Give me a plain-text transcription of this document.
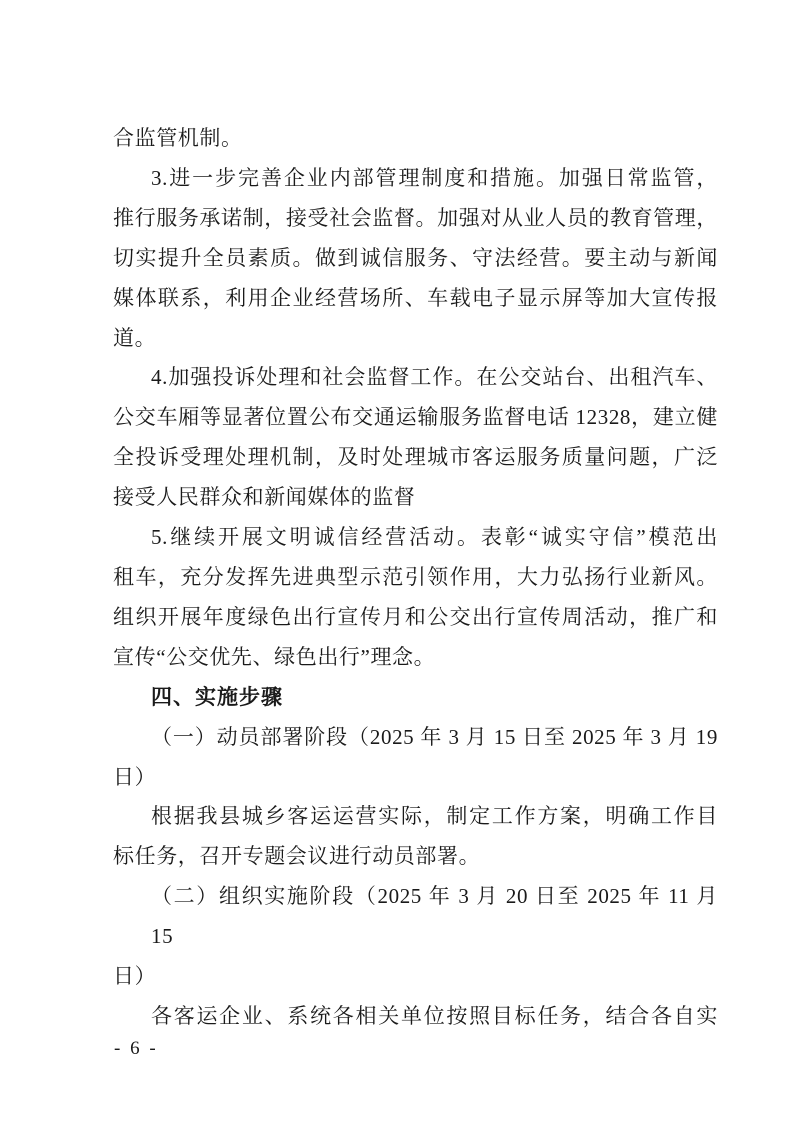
合监管机制。
3.进一步完善企业内部管理制度和措施。加强日常监管，
推行服务承诺制，接受社会监督。加强对从业人员的教育管理，
切实提升全员素质。做到诚信服务、守法经营。要主动与新闻
媒体联系，利用企业经营场所、车载电子显示屏等加大宣传报
道。
4.加强投诉处理和社会监督工作。在公交站台、出租汽车、
公交车厢等显著位置公布交通运输服务监督电话 12328，建立健
全投诉受理处理机制，及时处理城市客运服务质量问题，广泛
接受人民群众和新闻媒体的监督
5.继续开展文明诚信经营活动。表彰“诚实守信”模范出
租车，充分发挥先进典型示范引领作用，大力弘扬行业新风。
组织开展年度绿色出行宣传月和公交出行宣传周活动，推广和
宣传“公交优先、绿色出行”理念。
四、实施步骤
（一）动员部署阶段（2025 年 3 月 15 日至 2025 年 3 月 19
日）
根据我县城乡客运运营实际，制定工作方案，明确工作目
标任务，召开专题会议进行动员部署。
（二）组织实施阶段（2025 年 3 月 20 日至 2025 年 11 月 15
日）
各客运企业、系统各相关单位按照目标任务，结合各自实
- 6 -
